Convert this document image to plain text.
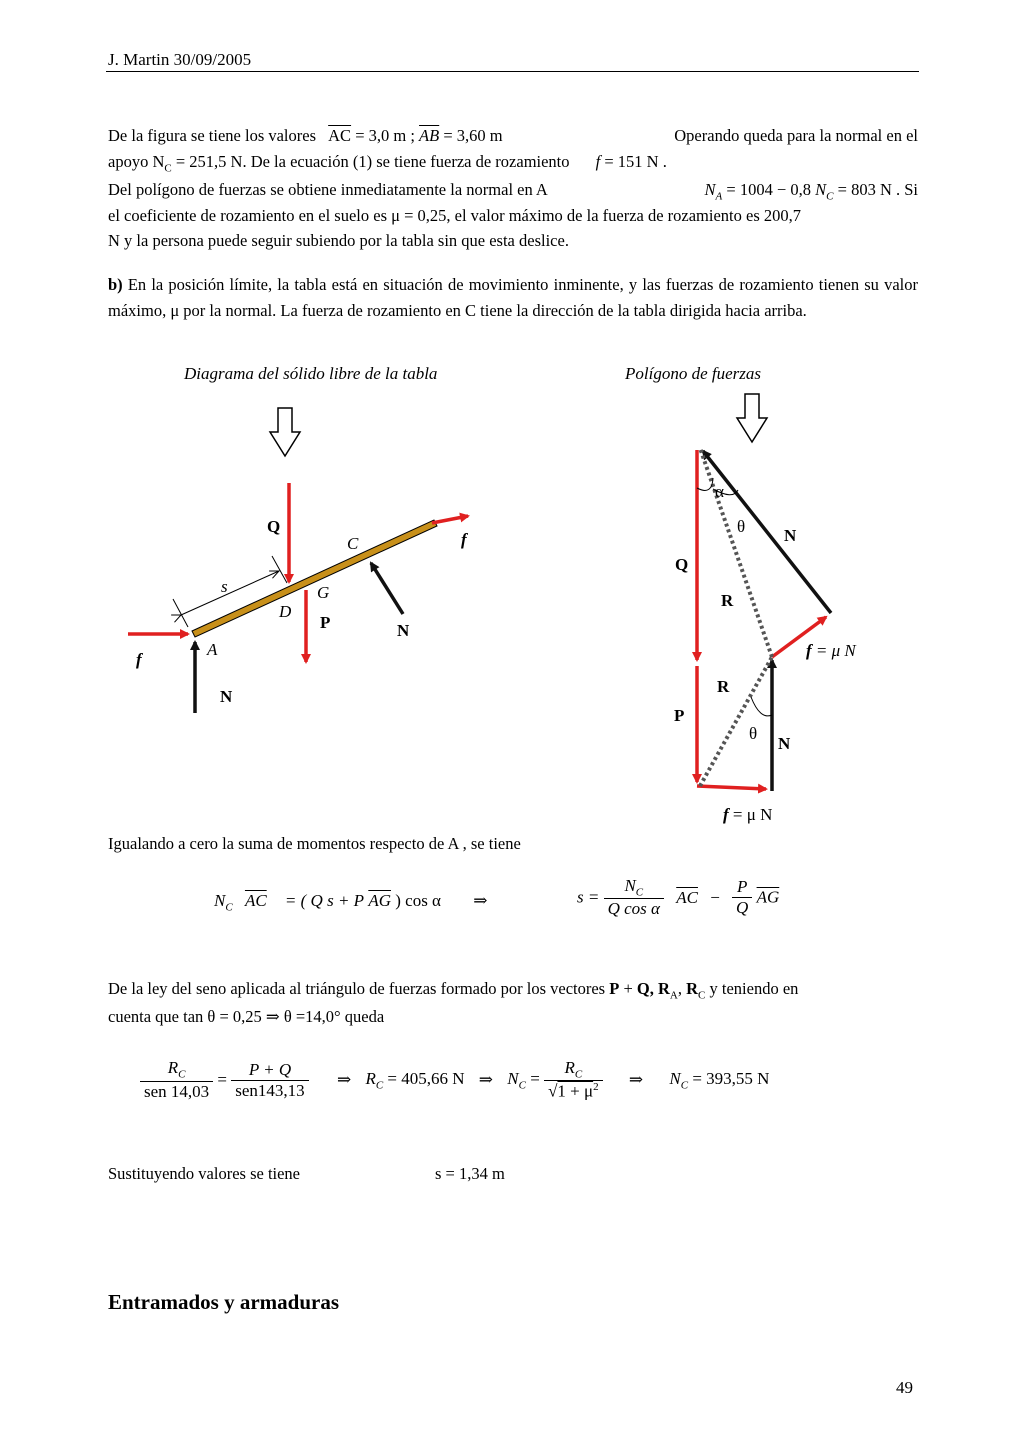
J. Martin 30/09/2005
De la figura se tiene los valores $\overline{AC} = 3,0$ m ; $\overline{AB} = 3,60$ m	Operando queda para la normal en el
apoyo $N_C = 251,5$ N. De la ecuación (1) se tiene fuerza de rozamiento f = 151 N .
Del polígono de fuerzas se obtiene inmediatamente la normal en A	$N_A = 1004 - 0,8$ $N_C = 803$ N . Si
el coeficiente de rozamiento en el suelo es μ = 0,25, el valor máximo de la fuerza de rozamiento es 200,7
N y la persona puede seguir subiendo por la tabla sin que esta deslice.
b) En la posición límite, la tabla está en situación de movimiento inminente, y las fuerzas de rozamiento tienen su valor máximo, μ por la normal. La fuerza de rozamiento en C tiene la dirección de la tabla dirigida hacia arriba.
Diagrama del sólido libre de la tabla	Polígono de fuerzas
Q
C	f
s	G
D
P	N
f
A
N
α
θ N
Q
R
f = μ N
R
P
θ
N
f = μ N
Igualando a cero la suma de momentos respecto de A , se tiene
$N_C$ $\overline{AC}$ = ( Q s + P $\overline{AG}$ ) cos α ⇒	$s = \frac{N_C}{\text{Q cos α}} \overline{AC} - \frac{P}{Q} \overline{AG}$
De la ley del seno aplicada al triángulo de fuerzas formado por los vectores P + Q, $R_A$, $R_C$ y teniendo en
cuenta que tan θ = 0,25 ⇒ θ =14,0° queda
$\frac{R_C}{\text{sen 14,03}} = \frac{P + Q}{\text{sen143,13}}$ ⇒ $R_C = 405,66$ N ⇒ $N_C = \frac{R_C}{√1 + \mu^2}$ ⇒ $N_C = 393,55$ N
Sustituyendo valores se tiene	s = 1,34 m
Entramados y armaduras
49
